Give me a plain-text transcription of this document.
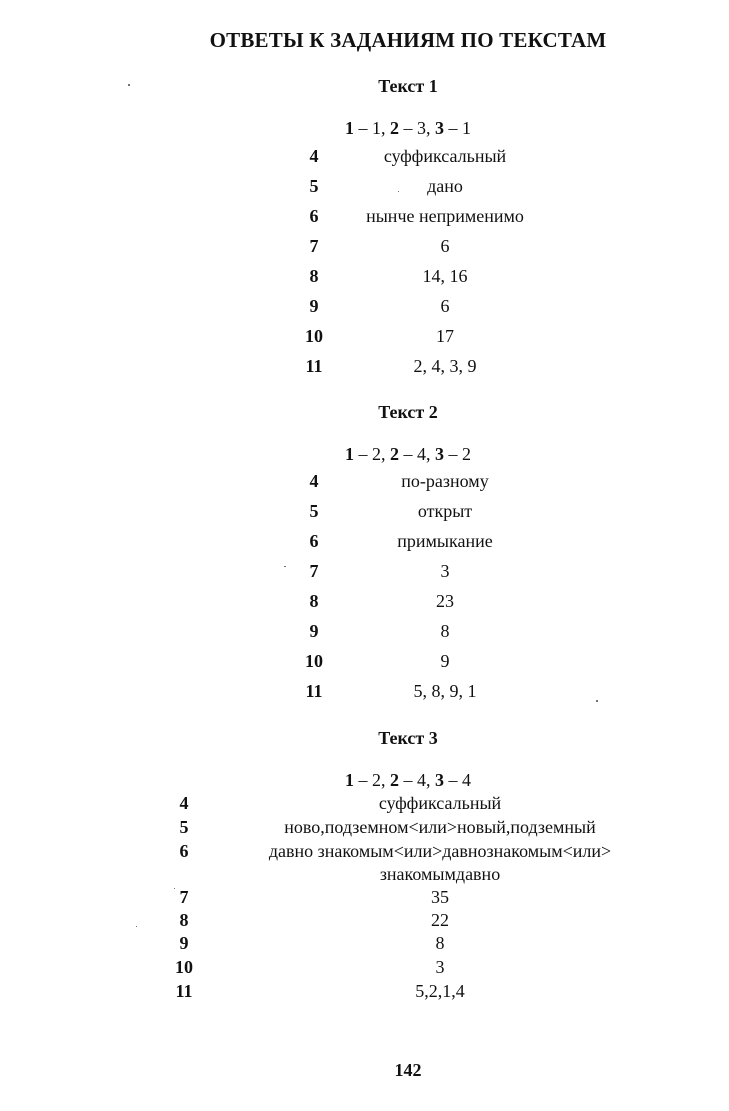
ОТВЕТЫ К ЗАДАНИЯМ ПО ТЕКСТАМ
Текст 1
1 – 1, 2 – 3, 3 – 1
4	суффиксальный
5	дано
6	нынче неприменимо
7	6
8	14, 16
9	6
10	17
11	2, 4, 3, 9
Текст 2
1 – 2, 2 – 4, 3 – 2
4	по-разному
5	открыт
6	примыкание
7	3
8	23
9	8
10	9
11	5, 8, 9, 1
Текст 3
1 – 2, 2 – 4, 3 – 4
4	суффиксальный
5	ново,подземном<или>новый,подземный
6	давно знакомым<или>давнознакомым<или>
знакомымдавно
7	35
8	22
9	8
10	3
11	5,2,1,4
142
